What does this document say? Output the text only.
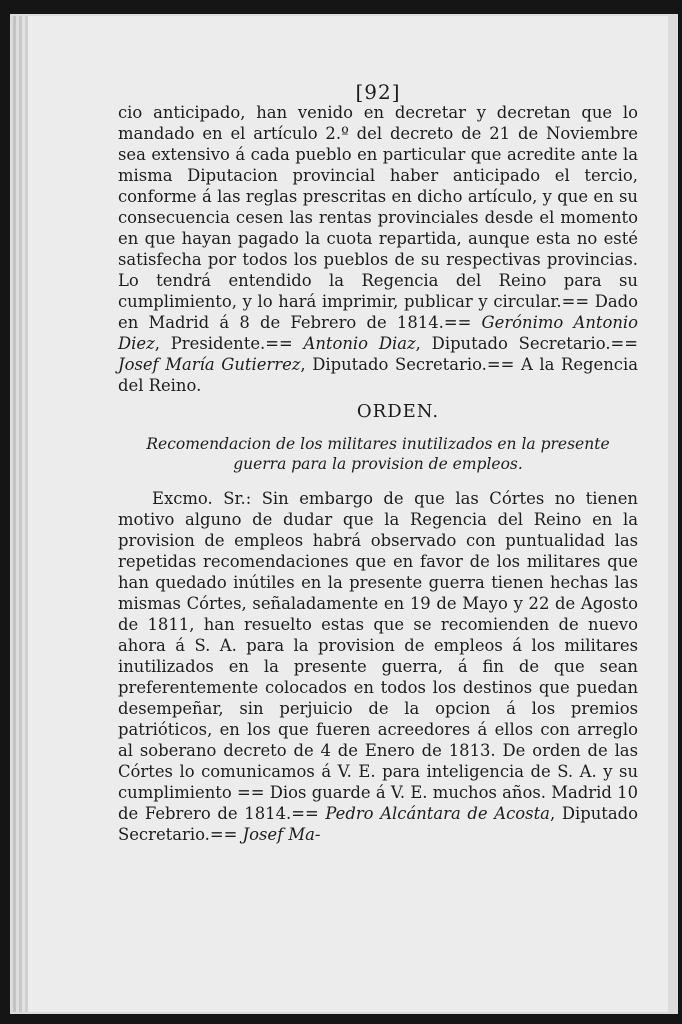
[92]

cio anticipado, han venido en decretar y decretan que lo mandado en el artículo 2.º del decreto de 21 de Noviembre sea extensivo á cada pueblo en particular que acredite ante la misma Diputacion provincial haber anticipado el tercio, conforme á las reglas prescritas en dicho artículo, y que en su consecuencia cesen las rentas provinciales desde el momento en que hayan pagado la cuota repartida, aunque esta no esté satisfecha por todos los pueblos de su respectivas provincias. Lo tendrá entendido la Regencia del Reino para su cumplimiento, y lo hará imprimir, publicar y circular.== Dado en Madrid á 8 de Febrero de 1814.== Gerónimo Antonio Diez, Presidente.== Antonio Diaz, Diputado Secretario.== Josef María Gutierrez, Diputado Secretario.== A la Regencia del Reino.

ORDEN.
Recomendacion de los militares inutilizados en la presente guerra para la provision de empleos.

Excmo. Sr.: Sin embargo de que las Córtes no tienen motivo alguno de dudar que la Regencia del Reino en la provision de empleos habrá observado con puntualidad las repetidas recomendaciones que en favor de los militares que han quedado inútiles en la presente guerra tienen hechas las mismas Córtes, señaladamente en 19 de Mayo y 22 de Agosto de 1811, han resuelto estas que se recomienden de nuevo ahora á S. A. para la provision de empleos á los militares inutilizados en la presente guerra, á fin de que sean preferentemente colocados en todos los destinos que puedan desempeñar, sin perjuicio de la opcion á los premios patrióticos, en los que fueren acreedores á ellos con arreglo al soberano decreto de 4 de Enero de 1813. De orden de las Córtes lo comunicamos á V. E. para inteligencia de S. A. y su cumplimiento == Dios guarde á V. E. muchos años. Madrid 10 de Febrero de 1814.== Pedro Alcántara de Acosta, Diputado Secretario.== Josef Ma-
